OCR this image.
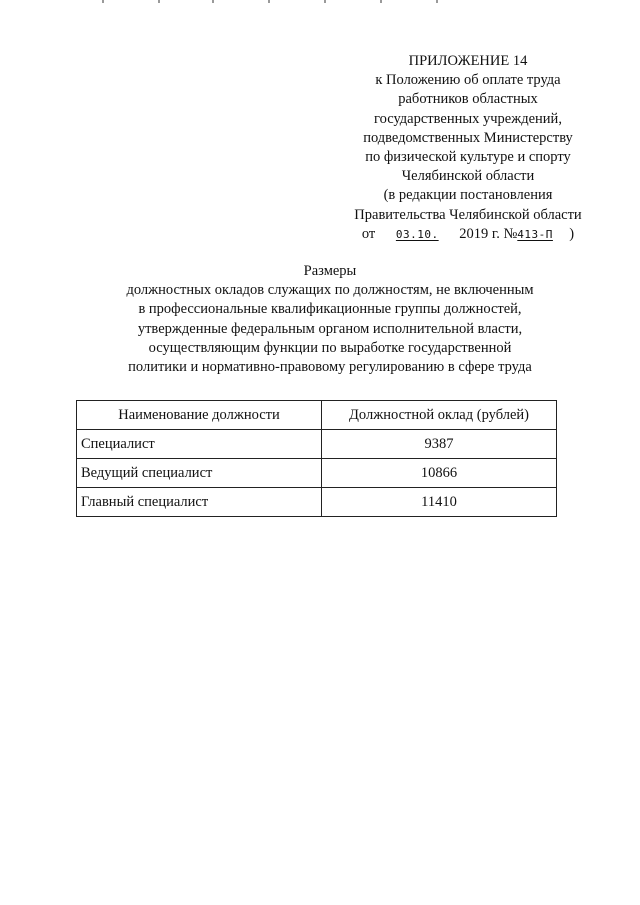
ПРИЛОЖЕНИЕ 14
к Положению об оплате труда
работников областных
государственных учреждений,
подведомственных Министерству
по физической культуре и спорту
Челябинской области
(в редакции постановления
Правительства Челябинской области
от 03.10. 2019 г. №413-П )
Размеры
должностных окладов служащих по должностям, не включенным
в профессиональные квалификационные группы должностей,
утвержденные федеральным органом исполнительной власти,
осуществляющим функции по выработке государственной
политики и нормативно-правовому регулированию в сфере труда
Наименование должности	Должностной оклад (рублей)
Специалист	9387
Ведущий специалист	10866
Главный специалист	11410
